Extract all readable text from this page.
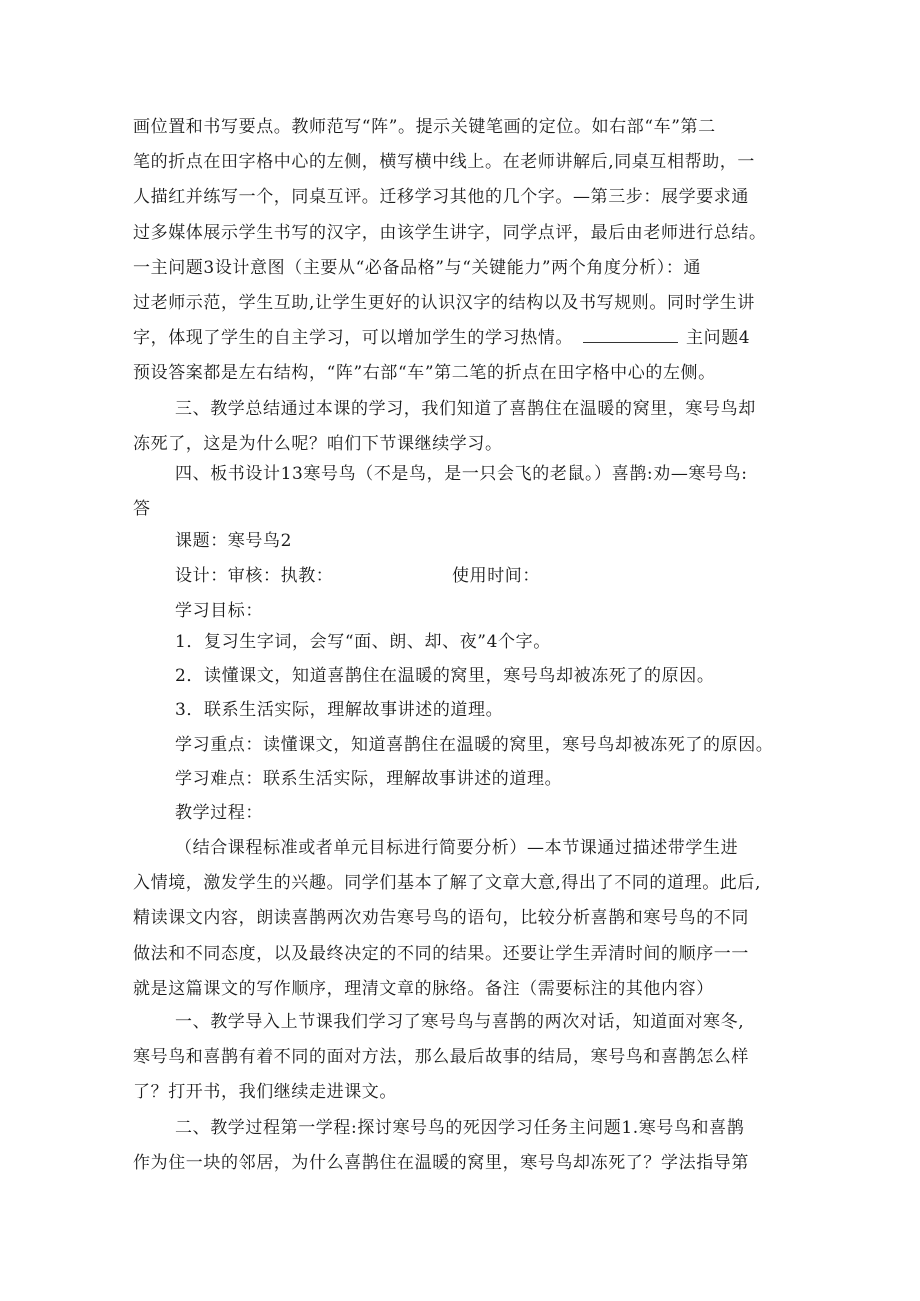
画位置和书写要点。教师范写“阵”。提示关键笔画的定位。如右部“车”第二
笔的折点在田字格中心的左侧，横写横中线上。在老师讲解后,同桌互相帮助，一
人描红并练写一个，同桌互评。迁移学习其他的几个字。—第三步：展学要求通
过多媒体展示学生书写的汉字，由该学生讲字，同学点评，最后由老师进行总结。
一主问题3设计意图（主要从“必备品格”与“关键能力”两个角度分析）：通
过老师示范，学生互助,让学生更好的认识汉字的结构以及书写规则。同时学生讲
字，体现了学生的自主学习，可以增加学生的学习热情。	主问题4
预设答案都是左右结构，“阵”右部“车”第二笔的折点在田字格中心的左侧。
三、教学总结通过本课的学习，我们知道了喜鹊住在温暖的窝里，寒号鸟却
冻死了，这是为什么呢？咱们下节课继续学习。
四、板书设计13寒号鸟（不是鸟，是一只会飞的老鼠。）喜鹊:劝—寒号鸟:
答
课题：寒号鸟2
设计：审核：执教：	使用时间：
学习目标：
1．复习生字词，会写“面、朗、却、夜”4个字。
2．读懂课文，知道喜鹊住在温暖的窝里，寒号鸟却被冻死了的原因。
3．联系生活实际，理解故事讲述的道理。
学习重点：读懂课文，知道喜鹊住在温暖的窝里，寒号鸟却被冻死了的原因。
学习难点：联系生活实际，理解故事讲述的道理。
教学过程：
（结合课程标准或者单元目标进行简要分析）—本节课通过描述带学生进
入情境，激发学生的兴趣。同学们基本了解了文章大意,得出了不同的道理。此后,
精读课文内容，朗读喜鹊两次劝告寒号鸟的语句，比较分析喜鹊和寒号鸟的不同
做法和不同态度，以及最终决定的不同的结果。还要让学生弄清时间的顺序一一
就是这篇课文的写作顺序，理清文章的脉络。备注（需要标注的其他内容）
一、教学导入上节课我们学习了寒号鸟与喜鹊的两次对话，知道面对寒冬,
寒号鸟和喜鹊有着不同的面对方法，那么最后故事的结局，寒号鸟和喜鹊怎么样
了？打开书，我们继续走进课文。
二、教学过程第一学程:探讨寒号鸟的死因学习任务主问题1.寒号鸟和喜鹊
作为住一块的邻居，为什么喜鹊住在温暖的窝里，寒号鸟却冻死了？学法指导第
